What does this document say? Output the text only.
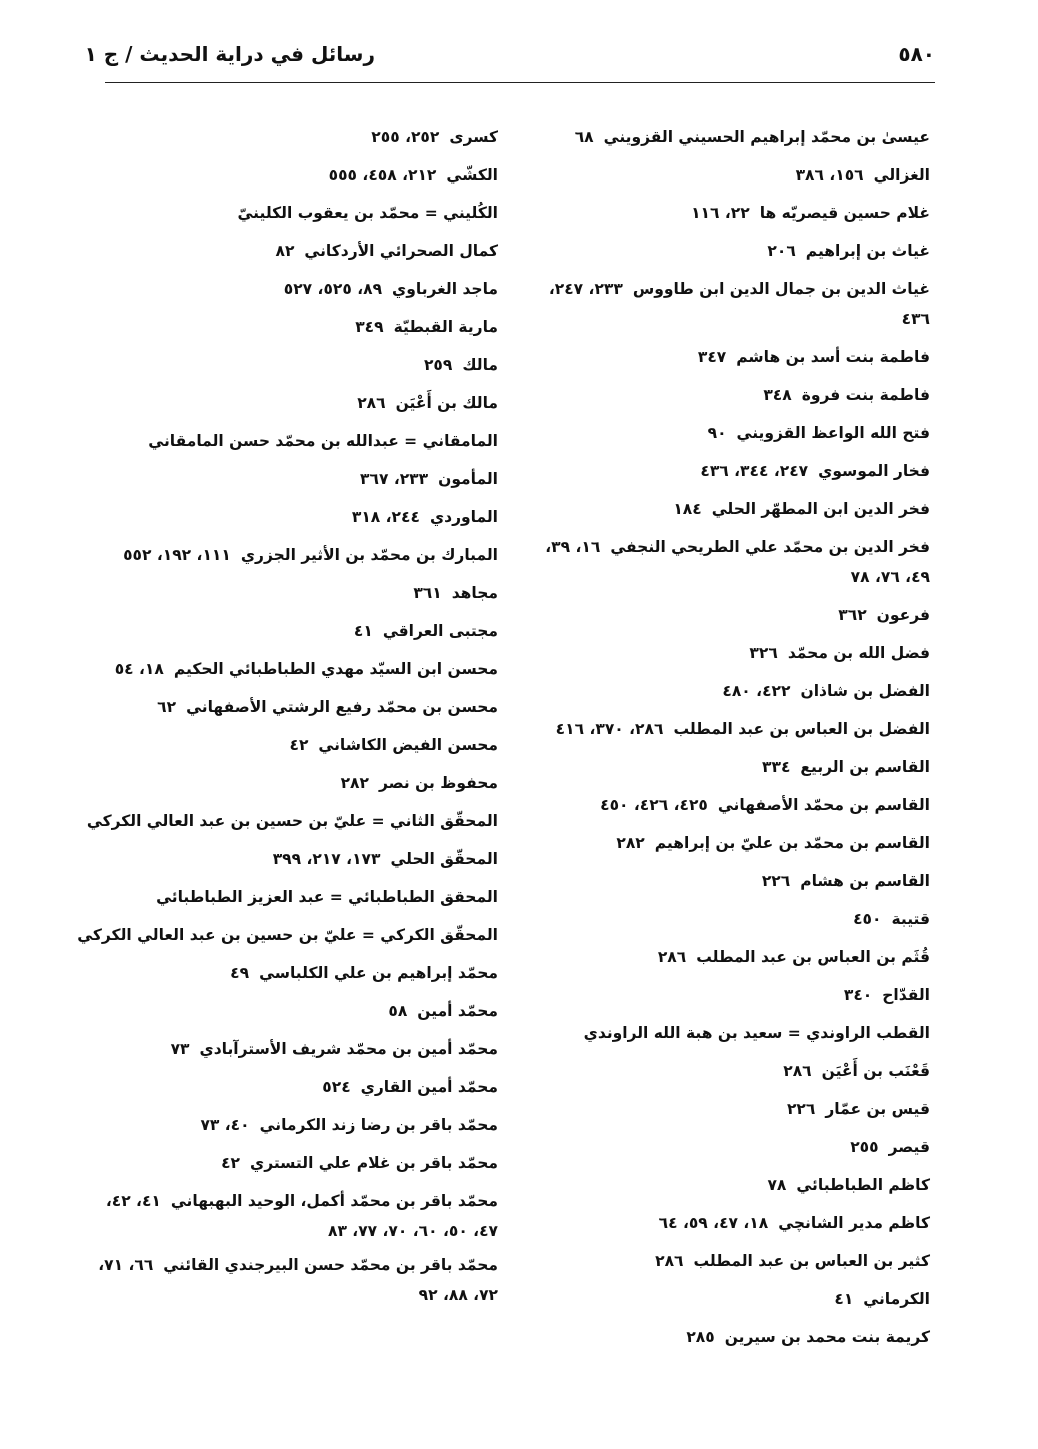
٥٨٠
رسائل في دراية الحديث / ج ١
عيسىٰ بن محمّد إبراهيم الحسيني القزويني٦٨
الغزالي١٥٦، ٣٨٦
غلام حسين قيصريّه ها٢٢، ١١٦
غياث بن إبراهيم٢٠٦
غياث الدين بن جمال الدين ابن طاووس٢٣٣، ٢٤٧،
٤٣٦
فاطمة بنت أسد بن هاشم٣٤٧
فاطمة بنت فروة٣٤٨
فتح الله الواعظ القزويني٩٠
فخار الموسوي٢٤٧، ٣٤٤، ٤٣٦
فخر الدين ابن المطهّر الحلي١٨٤
فخر الدين بن محمّد علي الطريحي النجفي١٦، ٣٩،
٤٩، ٧٦، ٧٨
فرعون٣٦٢
فضل الله بن محمّد٣٢٦
الفضل بن شاذان٤٢٢، ٤٨٠
الفضل بن العباس بن عبد المطلب٢٨٦، ٣٧٠، ٤١٦
القاسم بن الربيع٣٣٤
القاسم بن محمّد الأصفهاني٤٢٥، ٤٢٦، ٤٥٠
القاسم بن محمّد بن عليّ بن إبراهيم٢٨٢
القاسم بن هشام٢٢٦
قتيبة٤٥٠
قُثَم بن العباس بن عبد المطلب٢٨٦
القدّاح٣٤٠
القطب الراوندي = سعيد بن هبة الله الراوندي
قَعْنَب بن أَعْيَن٢٨٦
قيس بن عمّار٢٢٦
قيصر٢٥٥
كاظم الطباطبائي٧٨
كاظم مدير الشانچي١٨، ٤٧، ٥٩، ٦٤
كثير بن العباس بن عبد المطلب٢٨٦
الكرماني٤١
كريمة بنت محمد بن سيرين٢٨٥
كسرى٢٥٢، ٢٥٥
الكشّي٢١٢، ٤٥٨، ٥٥٥
الكُليني = محمّد بن يعقوب الكلينيّ
كمال الصحرائي الأردكاني٨٢
ماجد الغرباوي٨٩، ٥٢٥، ٥٢٧
مارية القبطيّة٣٤٩
مالك٢٥٩
مالك بن أَعْيَن٢٨٦
المامقاني = عبدالله بن محمّد حسن المامقاني
المأمون٢٣٣، ٣٦٧
الماوردي٢٤٤، ٣١٨
المبارك بن محمّد بن الأثير الجزري١١١، ١٩٢، ٥٥٢
مجاهد٣٦١
مجتبى العراقي٤١
محسن ابن السيّد مهدي الطباطبائي الحكيم١٨، ٥٤
محسن بن محمّد رفيع الرشتي الأصفهاني٦٢
محسن الفيض الكاشاني٤٢
محفوظ بن نصر٢٨٢
المحقّق الثاني = عليّ بن حسين بن عبد العالي الكركي
المحقّق الحلي١٧٣، ٢١٧، ٣٩٩
المحقق الطباطبائي = عبد العزيز الطباطبائي
المحقّق الكركي = عليّ بن حسين بن عبد العالي الكركي
محمّد إبراهيم بن علي الكلباسي٤٩
محمّد أمين٥٨
محمّد أمين بن محمّد شريف الأسترآبادي٧٣
محمّد أمين القاري٥٢٤
محمّد باقر بن رضا زند الكرماني٤٠، ٧٣
محمّد باقر بن غلام علي التستري٤٢
محمّد باقر بن محمّد أكمل، الوحيد البهبهاني٤١، ٤٢،
٤٧، ٥٠، ٦٠، ٧٠، ٧٧، ٨٣
محمّد باقر بن محمّد حسن البيرجندي القائني٦٦، ٧١،
٧٢، ٨٨، ٩٢
